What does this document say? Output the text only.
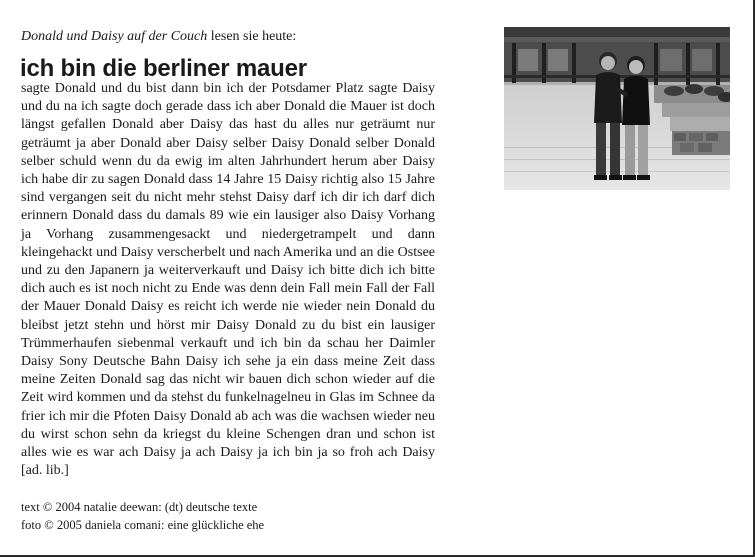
Donald und Daisy auf der Couch lesen sie heute:
ich bin die berliner mauer

sagte Donald und du bist dann bin ich der Potsdamer Platz sagte Daisy und du na ich sagte doch gerade dass ich aber Donald die Mauer ist doch längst gefallen Donald aber Daisy das hast du alles nur geträumt nur geträumt ja aber Donald aber Daisy selber Daisy Donald selber Donald selber schuld wenn du da ewig im alten Jahrhundert herum aber Daisy ich habe dir zu sagen Donald dass 14 Jahre 15 Daisy richtig also 15 Jahre sind vergangen seit du nicht mehr stehst Daisy darf ich dir ich darf dich erinnern Donald dass du damals 89 wie ein lausiger also Daisy Vorhang ja Vorhang zusammengesackt und niedergetrampelt und dann kleingehackt und Daisy verscherbelt und nach Amerika und an die Ostsee und zu den Japanern ja weiterverkauft und Daisy ich bitte dich ich bitte dich auch es ist noch nicht zu Ende was denn dein Fall mein Fall der Fall der Mauer Donald Daisy es reicht ich werde nie wieder nein Donald du bleibst jetzt stehn und hörst mir Daisy Donald zu du bist ein lausiger Trümmerhaufen siebenmal verkauft und ich bin da schau her Daimler Daisy Sony Deutsche Bahn Daisy ich sehe ja ein dass meine Zeit dass meine Zeiten Donald sag das nicht wir bauen dich schon wieder auf die Zeit wird kommen und da stehst du funkelnagelneu in Glas im Schnee da frier ich mir die Pfoten Daisy Donald ab ach was die wachsen wieder neu du wirst schon sehn da kriegst du kleine Schengen dran und schon ist alles wie es war ach Daisy ja ach Daisy ja ich bin ja so froh ach Daisy [ad. lib.]

text © 2004 natalie deewan: (dt) deutsche texte
foto © 2005 daniela comani: eine glückliche ehe
